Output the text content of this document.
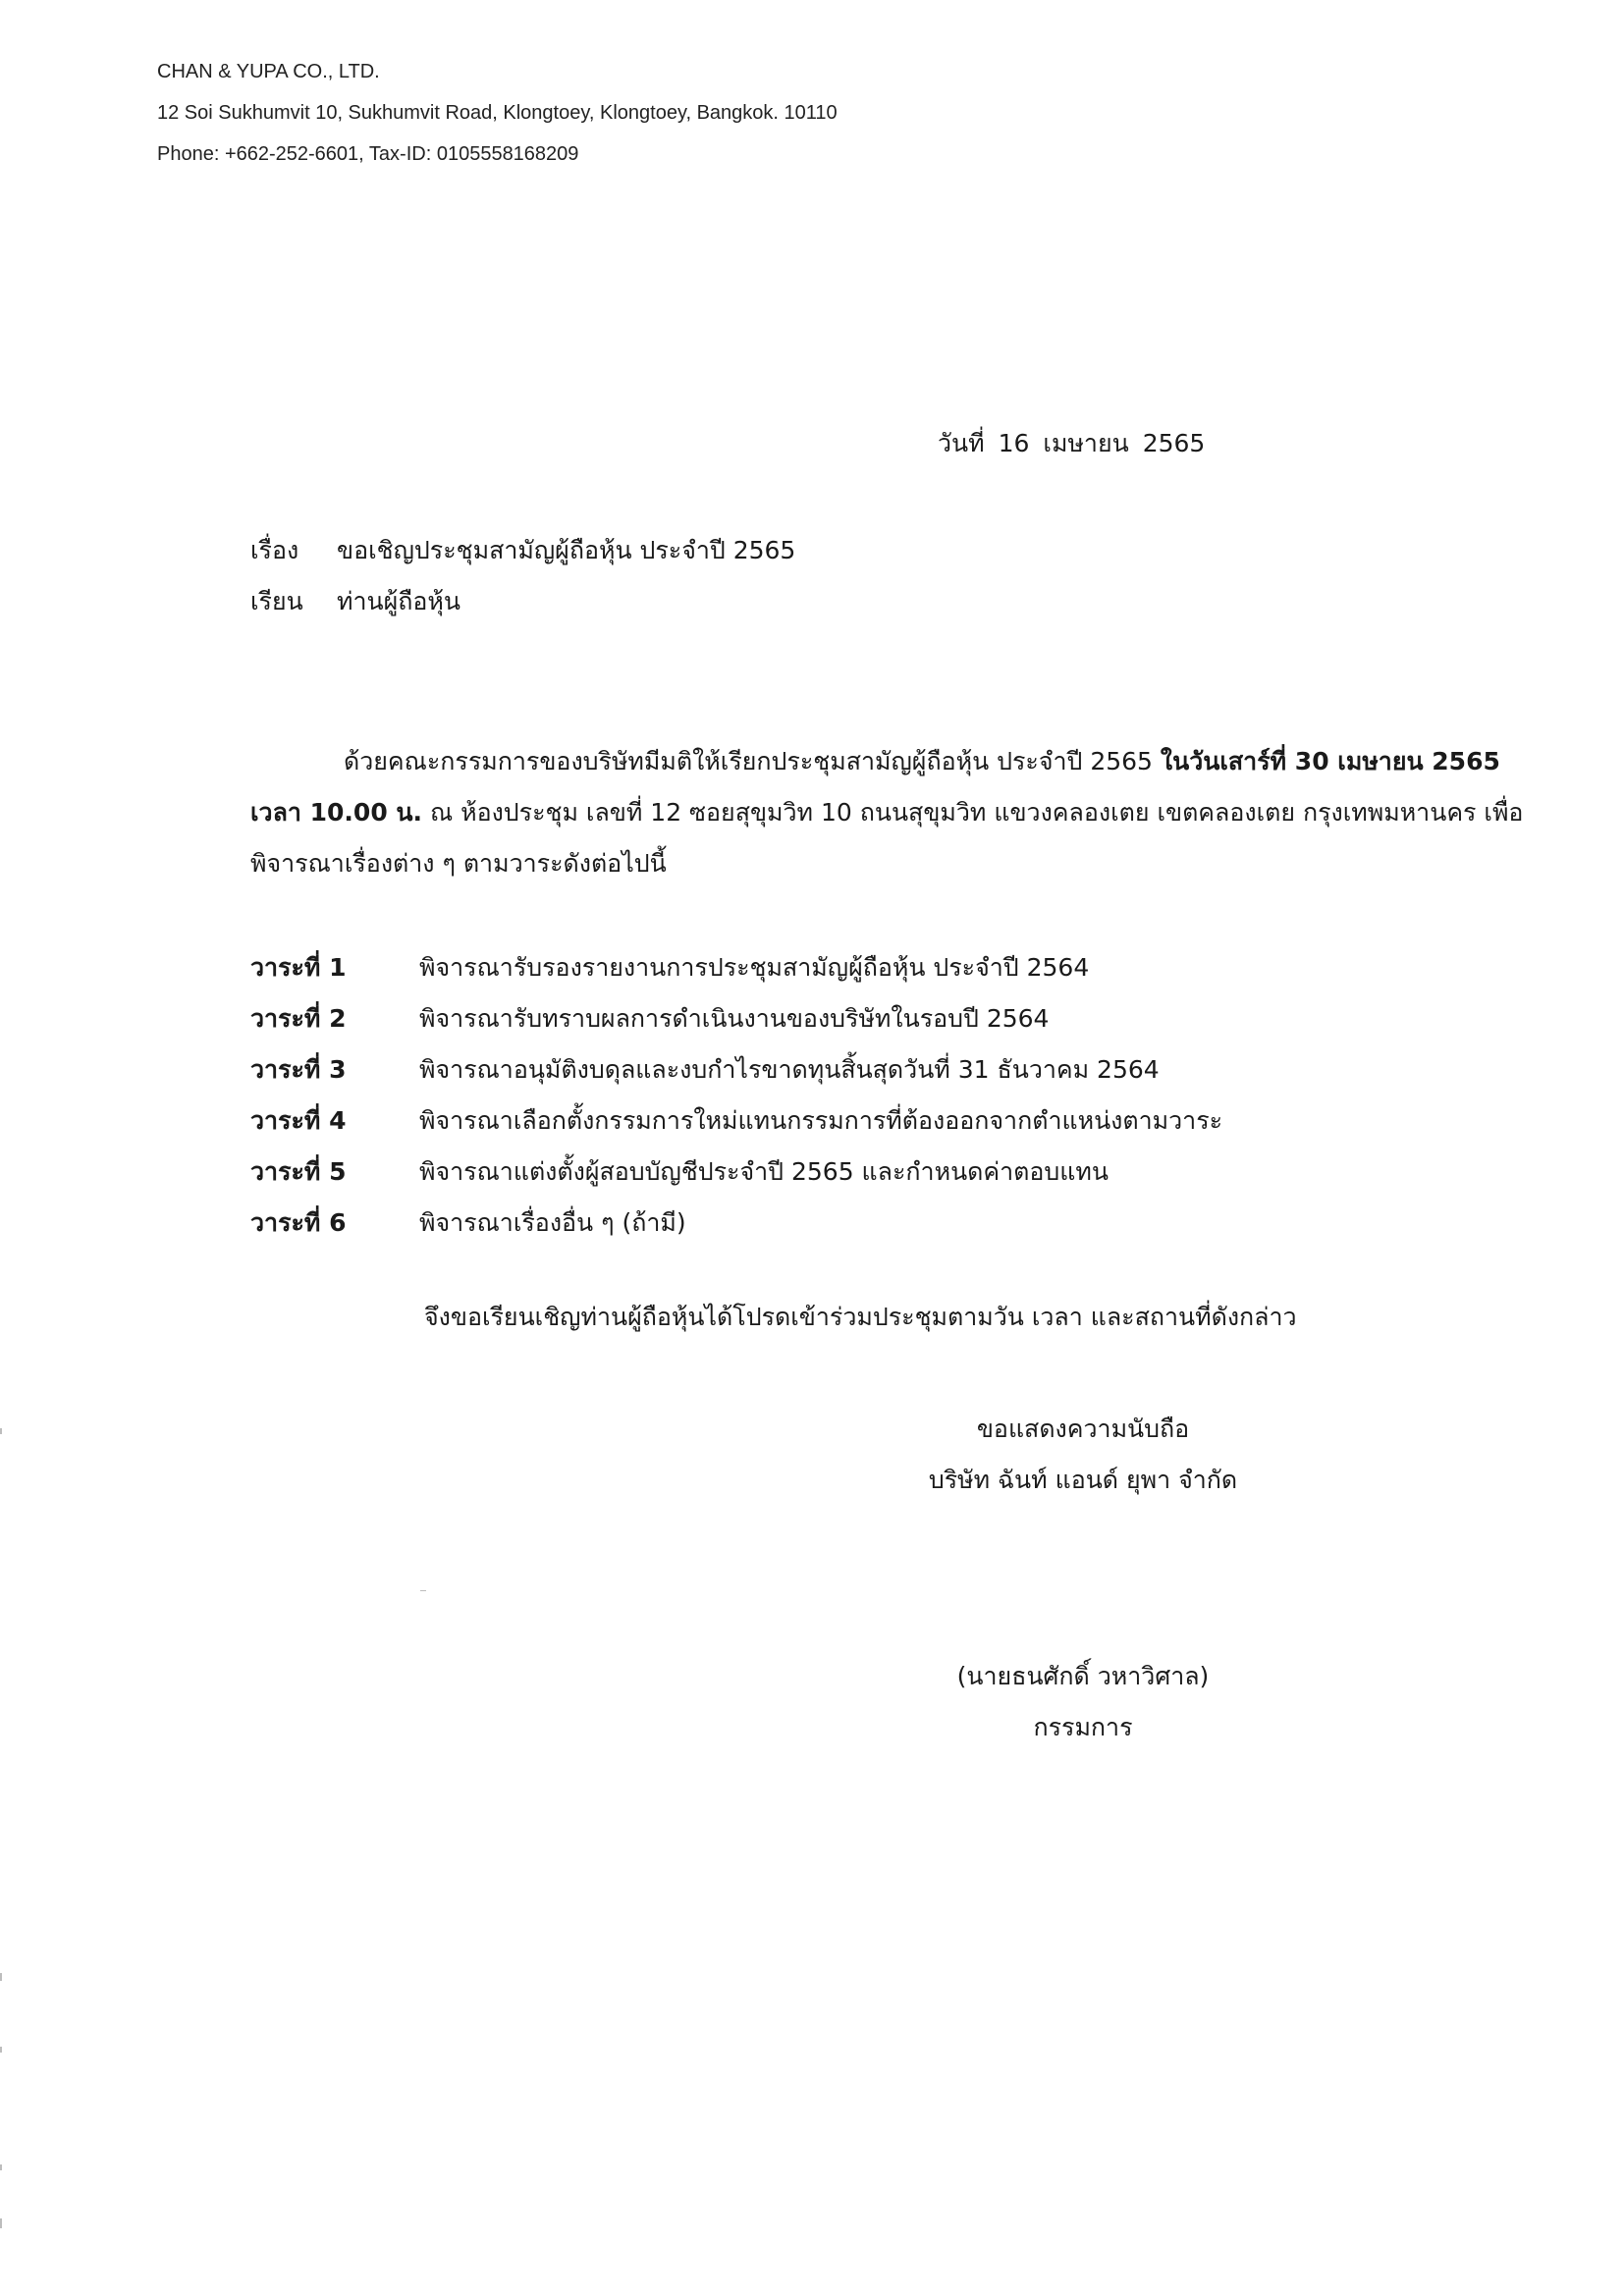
CHAN & YUPA CO., LTD.
12 Soi Sukhumvit 10, Sukhumvit Road, Klongtoey, Klongtoey, Bangkok. 10110
Phone: +662-252-6601, Tax-ID: 0105558168209
วันที่ 16 เมษายน 2565
เรื่อง	ขอเชิญประชุมสามัญผู้ถือหุ้น ประจำปี 2565
เรียน	ท่านผู้ถือหุ้น
ด้วยคณะกรรมการของบริษัทมีมติให้เรียกประชุมสามัญผู้ถือหุ้น ประจำปี 2565 ในวันเสาร์ที่ 30 เมษายน 2565
เวลา 10.00 น. ณ ห้องประชุม เลขที่ 12 ซอยสุขุมวิท 10 ถนนสุขุมวิท แขวงคลองเตย เขตคลองเตย กรุงเทพมหานคร เพื่อ
พิจารณาเรื่องต่าง ๆ ตามวาระดังต่อไปนี้
วาระที่ 1	พิจารณารับรองรายงานการประชุมสามัญผู้ถือหุ้น ประจำปี 2564
วาระที่ 2	พิจารณารับทราบผลการดำเนินงานของบริษัทในรอบปี 2564
วาระที่ 3	พิจารณาอนุมัติงบดุลและงบกำไรขาดทุนสิ้นสุดวันที่ 31 ธันวาคม 2564
วาระที่ 4	พิจารณาเลือกตั้งกรรมการใหม่แทนกรรมการที่ต้องออกจากตำแหน่งตามวาระ
วาระที่ 5	พิจารณาแต่งตั้งผู้สอบบัญชีประจำปี 2565 และกำหนดค่าตอบแทน
วาระที่ 6	พิจารณาเรื่องอื่น ๆ (ถ้ามี)
จึงขอเรียนเชิญท่านผู้ถือหุ้นได้โปรดเข้าร่วมประชุมตามวัน เวลา และสถานที่ดังกล่าว
ขอแสดงความนับถือ
บริษัท ฉันท์ แอนด์ ยุพา จำกัด
(นายธนศักดิ์ วหาวิศาล)
กรรมการ
